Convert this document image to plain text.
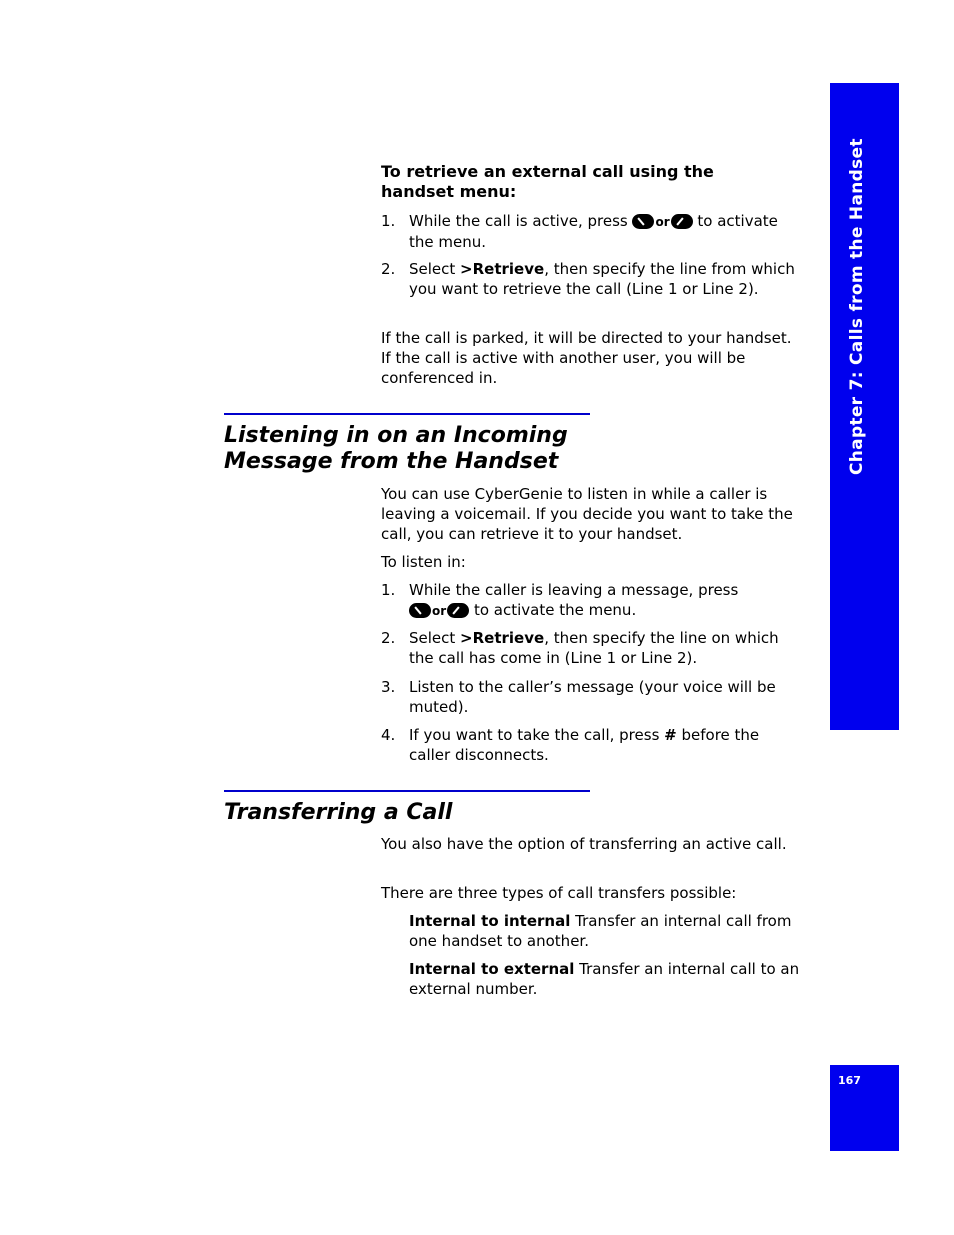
Chapter 7: Calls from the Handset
167
To retrieve an external call using the handset menu:
1. While the call is active, press or to activate the menu.
2. Select >Retrieve, then specify the line from which you want to retrieve the call (Line 1 or Line 2).

If the call is parked, it will be directed to your handset. If the call is active with another user, you will be conferenced in.

Listening in on an Incoming
Message from the Handset

You can use CyberGenie to listen in while a caller is leaving a voicemail. If you decide you want to take the call, you can retrieve it to your handset.

To listen in:

1. While the caller is leaving a message, press

or to activate the menu.
2. Select >Retrieve, then specify the line on which the call has come in (Line 1 or Line 2).
3. Listen to the caller’s message (your voice will be muted).
4. If you want to take the call, press # before the caller disconnects.
Transferring a Call

You also have the option of transferring an active call.

There are three types of call transfers possible:

Internal to internal Transfer an internal call from one handset to another.
Internal to external Transfer an internal call to an external number.
